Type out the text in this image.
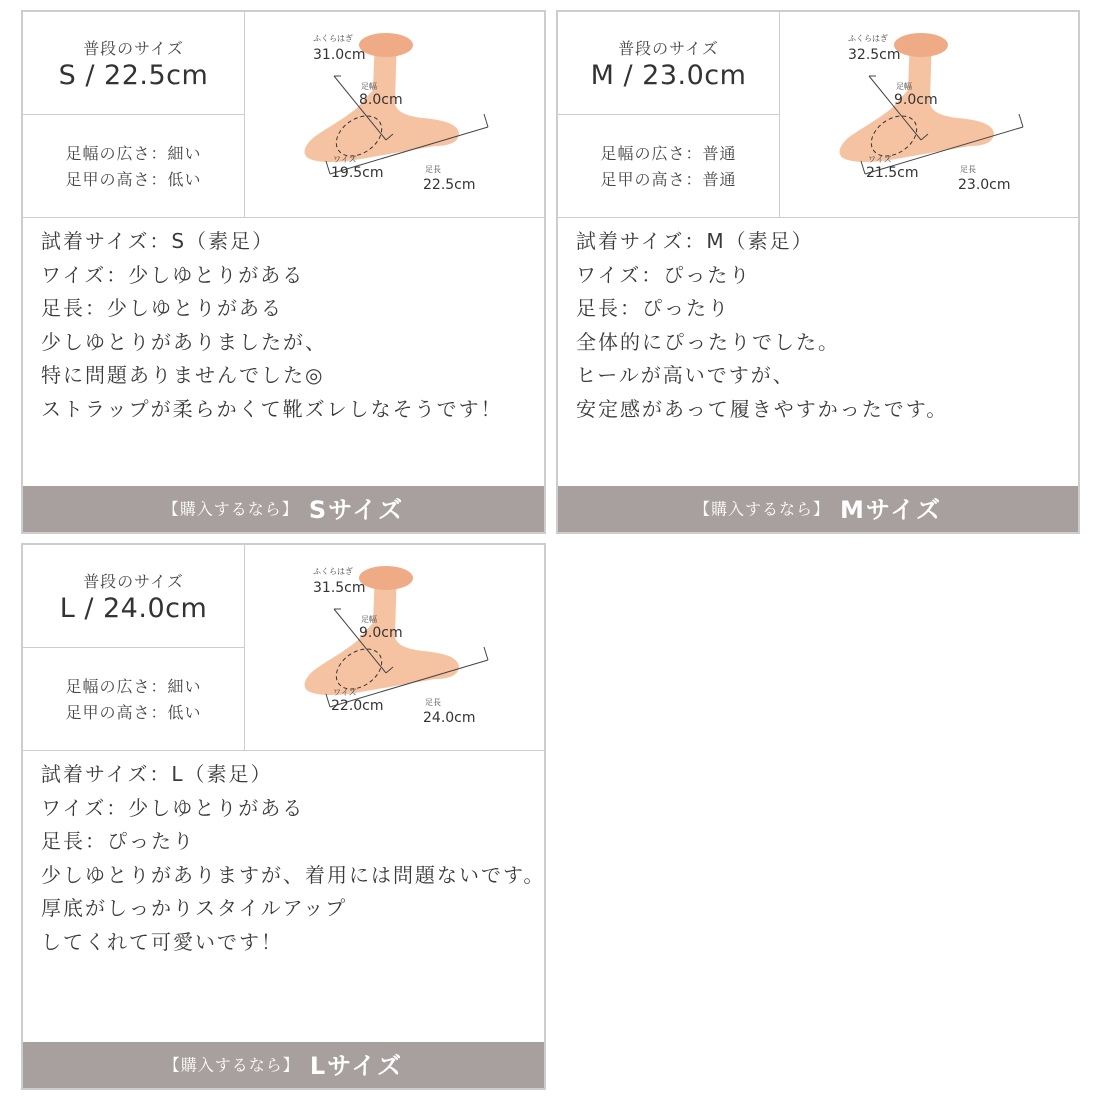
普段のサイズ
S / 22.5cm
足幅の広さ：細い
足甲の高さ：低い
ふくらはぎ
31.0cm
足幅
8.0cm
ワイズ
19.5cm	足長
22.5cm
試着サイズ：S（素足）
ワイズ：少しゆとりがある
足長：少しゆとりがある
少しゆとりがありましたが、
特に問題ありませんでした◎
ストラップが柔らかくて靴ズレしなそうです！
【購入するなら】 Sサイズ
普段のサイズ
M / 23.0cm
足幅の広さ：普通
足甲の高さ：普通
ふくらはぎ
32.5cm
足幅
9.0cm
ワイズ
21.5cm	足長
23.0cm
試着サイズ：M（素足）
ワイズ：ぴったり
足長：ぴったり
全体的にぴったりでした。
ヒールが高いですが、
安定感があって履きやすかったです。
【購入するなら】 Mサイズ
普段のサイズ
L / 24.0cm
足幅の広さ：細い
足甲の高さ：低い
ふくらはぎ
31.5cm
足幅
9.0cm
ワイズ
22.0cm	足長
24.0cm
試着サイズ：L（素足）
ワイズ：少しゆとりがある
足長：ぴったり
少しゆとりがありますが、着用には問題ないです。
厚底がしっかりスタイルアップ
してくれて可愛いです！
【購入するなら】 Lサイズ
